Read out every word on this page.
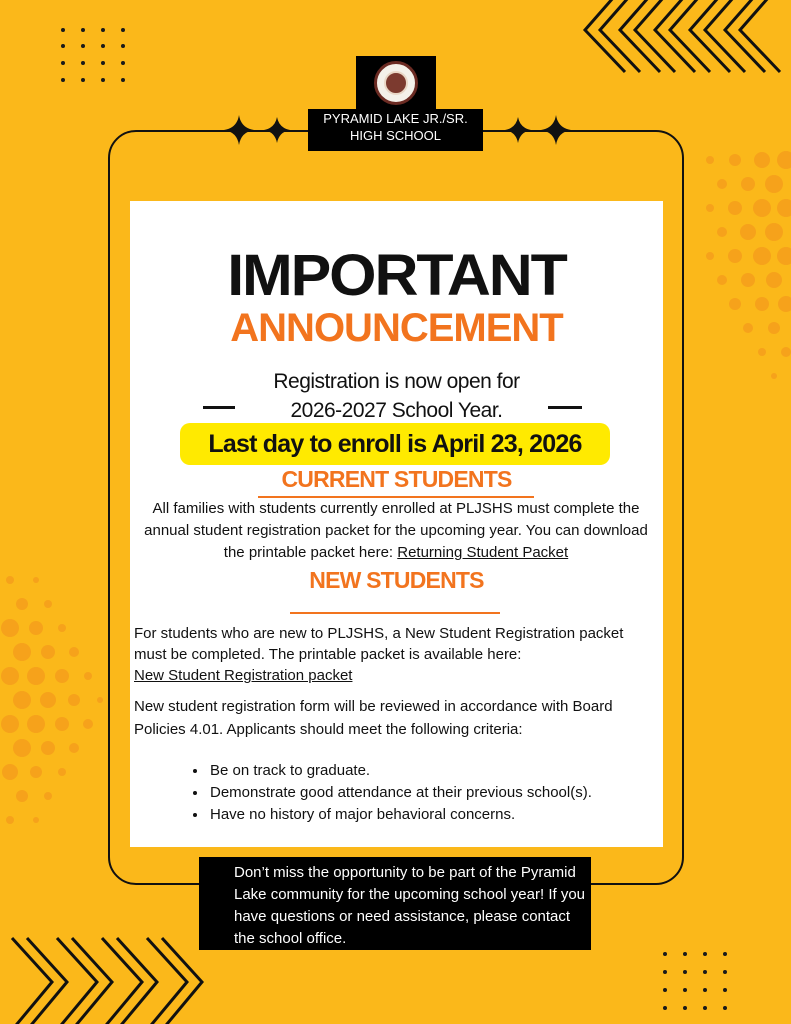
PYRAMID LAKE JR./SR.
HIGH SCHOOL
IMPORTANT
ANNOUNCEMENT
Registration is now open for
2026-2027 School Year.
Last day to enroll is April 23, 2026
CURRENT STUDENTS
All families with students currently enrolled at PLJSHS must complete the annual student registration packet for the upcoming year. You can download the printable packet here: Returning Student Packet
NEW STUDENTS
For students who are new to PLJSHS, a New Student Registration packet must be completed. The printable packet is available here:
New Student Registration packet
New student registration form will be reviewed in accordance with Board Policies 4.01. Applicants should meet the following criteria:
• Be on track to graduate.
• Demonstrate good attendance at their previous school(s).
• Have no history of major behavioral concerns.
Don’t miss the opportunity to be part of the Pyramid Lake community for the upcoming school year! If you have questions or need assistance, please contact the school office.
